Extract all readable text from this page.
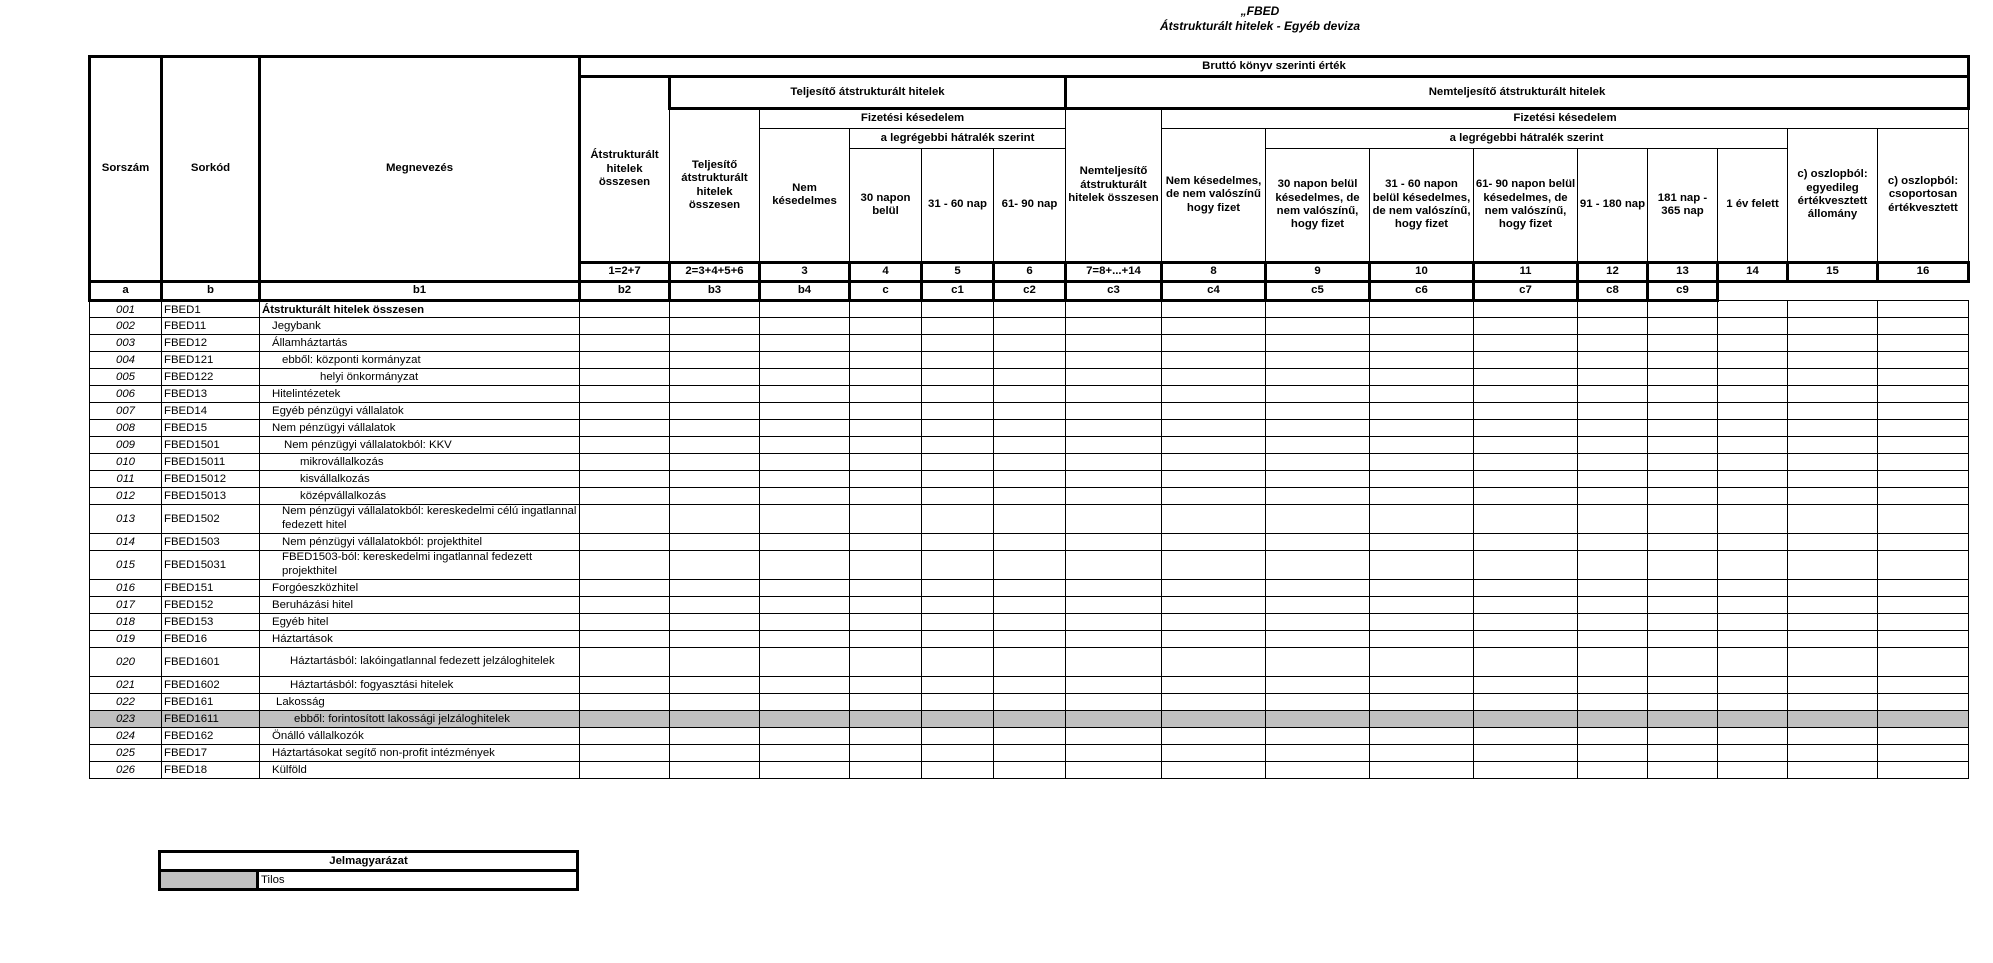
„FBED
Átstrukturált hitelek - Egyéb deviza
Sorszám	Sorkód	Megnevezés	Bruttó könyv szerinti érték															
			Átstrukturált hitelek összesen	Teljesítő átstrukturált hitelek					Nemteljesítő átstrukturált hitelek									
				Teljesítő átstrukturált hitelek összesen	Fizetési késedelem				Nemteljesítő átstrukturált hitelek összesen	Fizetési késedelem								
					Nem késedelmes	a legrégebbi hátralék szerint				Nem késedelmes, de nem valószínű hogy fizet	a legrégebbi hátralék szerint						c) oszlopból: egyedileg értékvesztett állomány	c) oszlopból: csoportosan értékvesztett
						30 napon belül	31 - 60 nap	61- 90 nap			30 napon belül késedelmes, de nem valószínű, hogy fizet	31 - 60 napon belül késedelmes, de nem valószínű, hogy fizet	61- 90 napon belül késedelmes, de nem valószínű, hogy fizet	91 - 180 nap	181 nap - 365 nap	1 év felett		
			1=2+7	2=3+4+5+6	3	4	5	6	7=8+...+14	8	9	10	11	12	13	14	15	16
a	b	b1	b2	b3	b4	c	c1	c2	c3	c4	c5	c6	c7	c8	c9			
001	FBED1	Átstrukturált hitelek összesen																
002	FBED11	Jegybank																
003	FBED12	Államháztartás																
004	FBED121	ebből: központi kormányzat																
005	FBED122	helyi önkormányzat																
006	FBED13	Hitelintézetek																
007	FBED14	Egyéb pénzügyi vállalatok																
008	FBED15	Nem pénzügyi vállalatok																
009	FBED1501	Nem pénzügyi vállalatokból: KKV																
010	FBED15011	mikrovállalkozás																
011	FBED15012	kisvállalkozás																
012	FBED15013	középvállalkozás																
013	FBED1502	Nem pénzügyi vállalatokból: kereskedelmi célú ingatlannal fedezett hitel																
014	FBED1503	Nem pénzügyi vállalatokból: projekthitel																
015	FBED15031	FBED1503-ból: kereskedelmi ingatlannal fedezett projekthitel																
016	FBED151	Forgóeszközhitel																
017	FBED152	Beruházási hitel																
018	FBED153	Egyéb hitel																
019	FBED16	Háztartások																
020	FBED1601	Háztartásból: lakóingatlannal fedezett jelzáloghitelek																
021	FBED1602	Háztartásból: fogyasztási hitelek																
022	FBED161	Lakosság																
023	FBED1611	ebből: forintosított lakossági jelzáloghitelek																
024	FBED162	Önálló vállalkozók																
025	FBED17	Háztartásokat segítő non-profit intézmények																
026	FBED18	Külföld																
Jelmagyarázat
	Tilos
